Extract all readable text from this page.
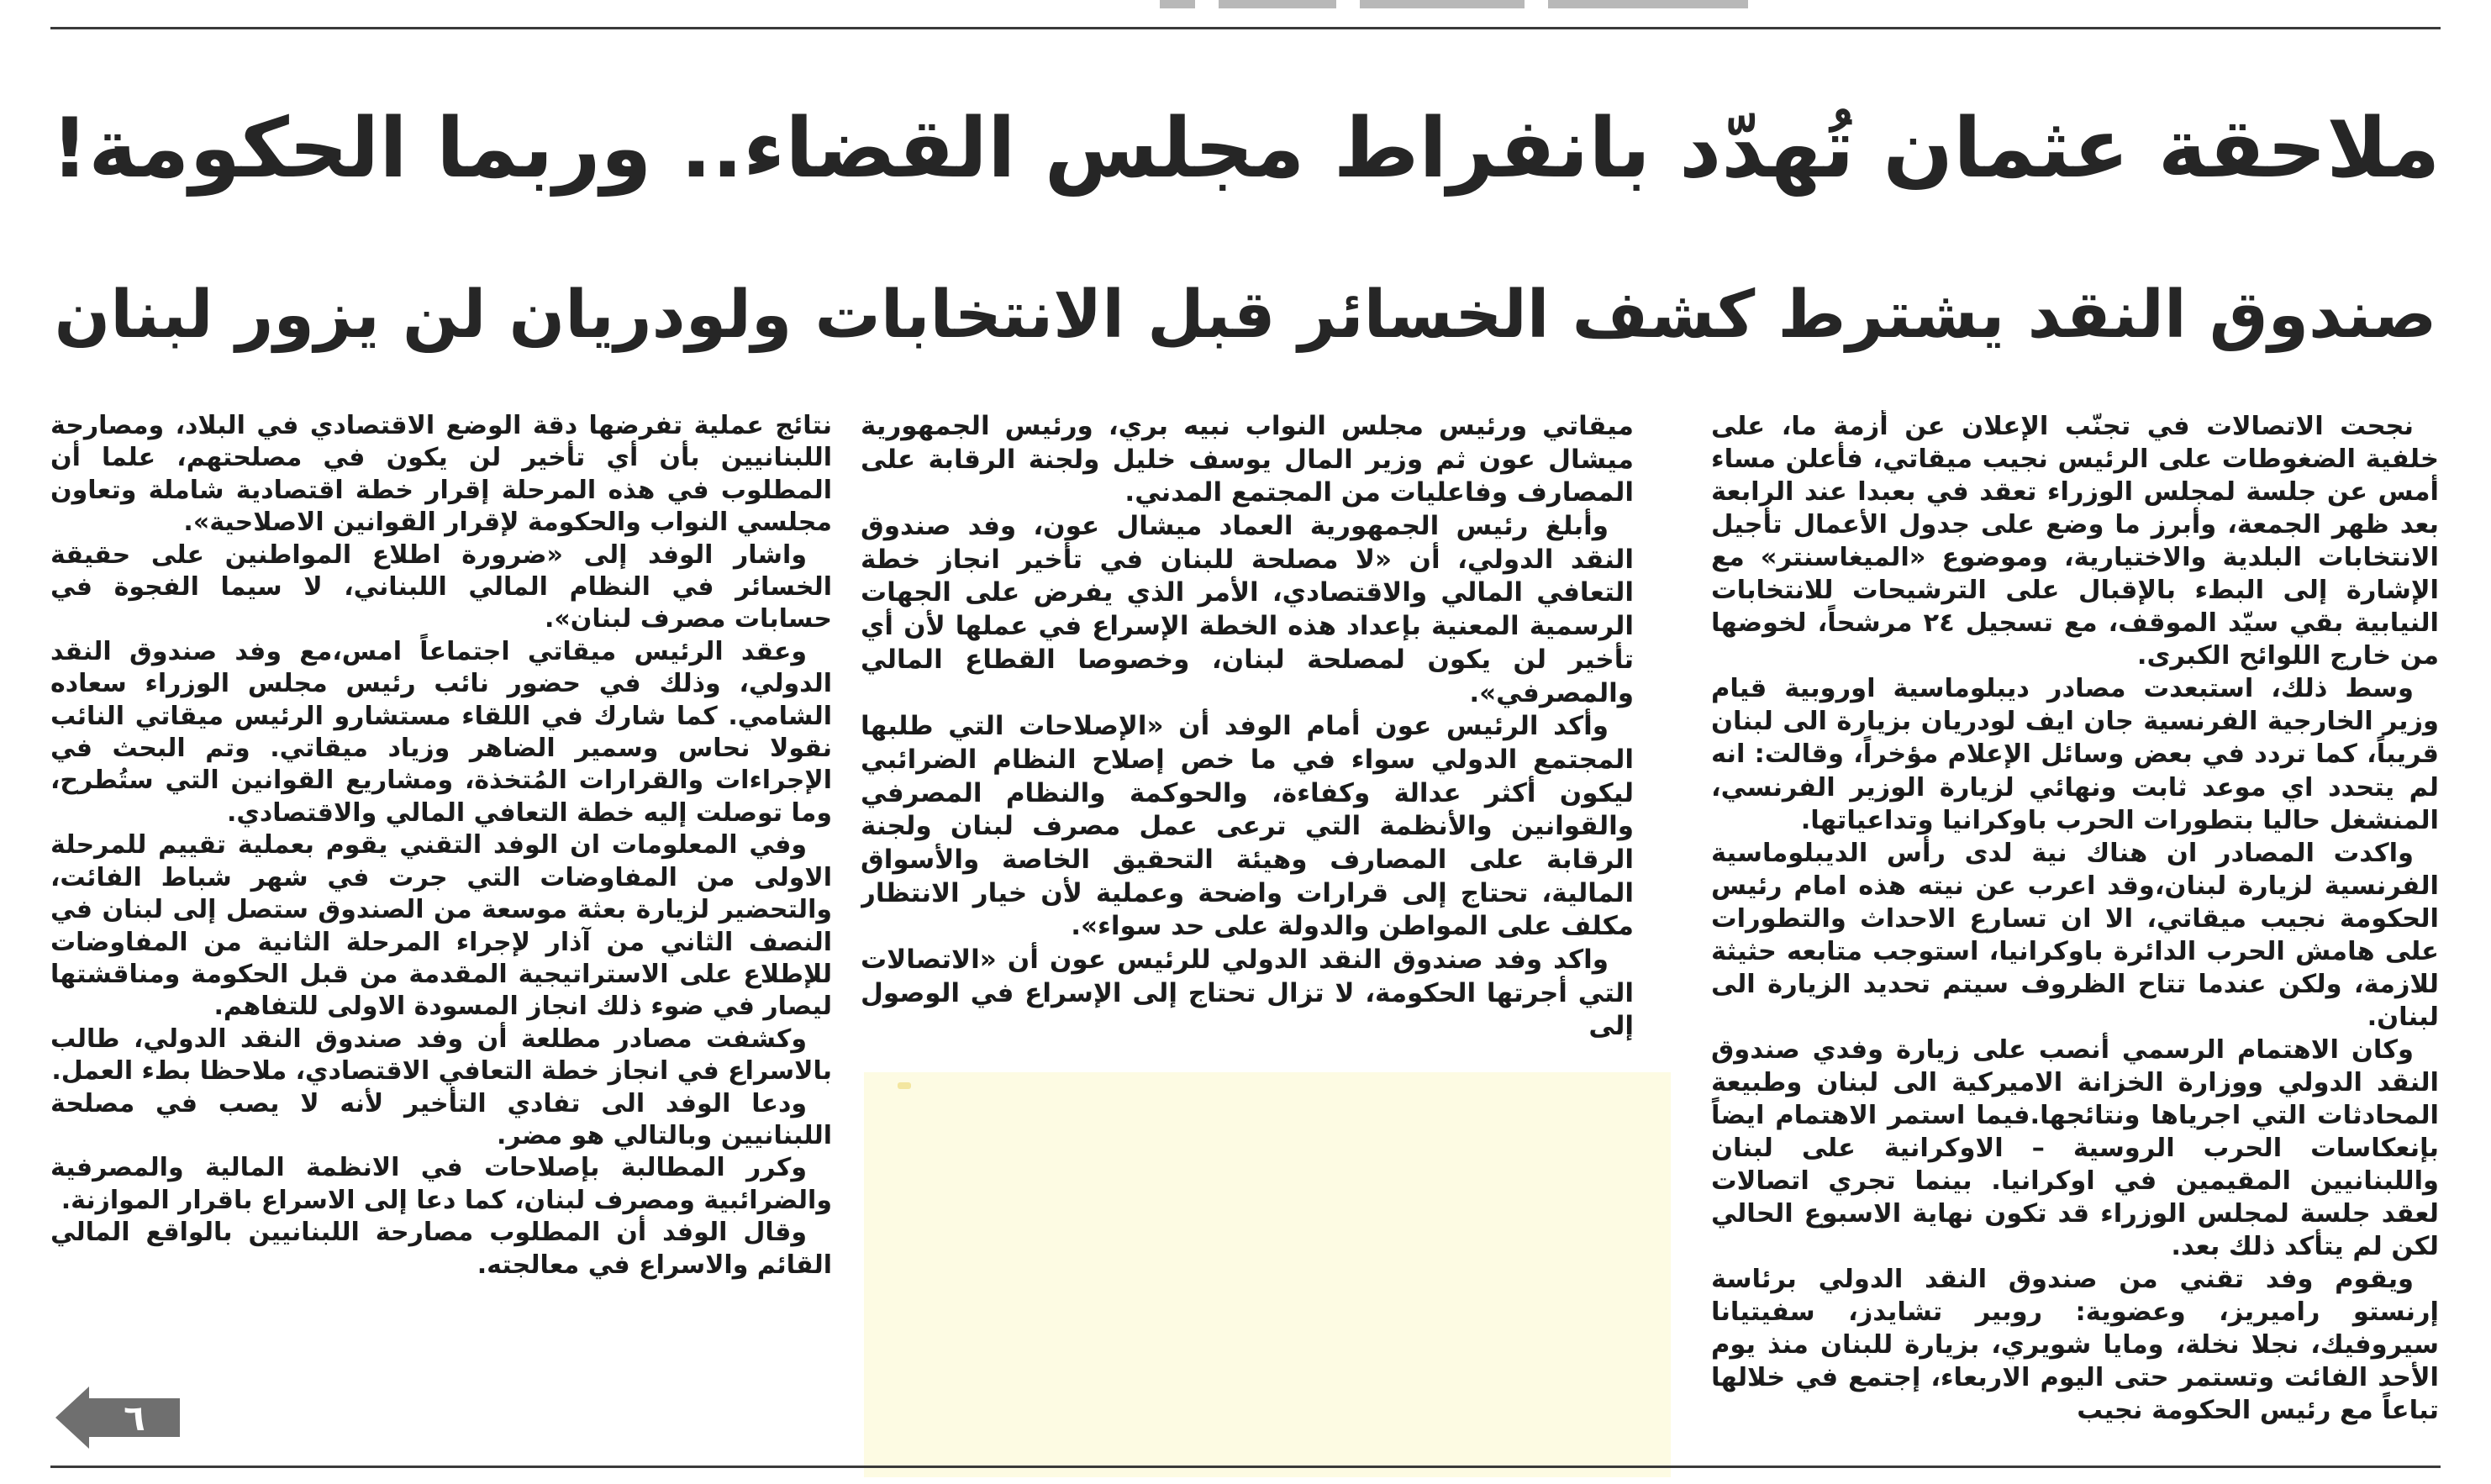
ملاحقة عثمان تُهدّد بانفراط مجلس القضاء.. وربما الحكومة!
صندوق النقد يشترط كشف الخسائر قبل الانتخابات ولودريان لن يزور لبنان

نجحت الاتصالات في تجنّب الإعلان عن أزمة ما، على خلفية الضغوطات على الرئيس نجيب ميقاتي، فأعلن مساء أمس عن جلسة لمجلس الوزراء تعقد في بعبدا عند الرابعة بعد ظهر الجمعة، وأبرز ما وضع على جدول الأعمال تأجيل الانتخابات البلدية والاختيارية، وموضوع «الميغاسنتر» مع الإشارة إلى البطء بالإقبال على الترشيحات للانتخابات النيابية بقي سيّد الموقف، مع تسجيل ٢٤ مرشحاً، لخوضها من خارج اللوائح الكبرى.

وسط ذلك، استبعدت مصادر ديبلوماسية اوروبية قيام وزير الخارجية الفرنسية جان ايف لودريان بزيارة الى لبنان قريباً، كما تردد في بعض وسائل الإعلام مؤخراً، وقالت: انه لم يتحدد اي موعد ثابت ونهائي لزيارة الوزير الفرنسي، المنشغل حاليا بتطورات الحرب باوكرانيا وتداعياتها.

واكدت المصادر ان هناك نية لدى رأس الديبلوماسية الفرنسية لزيارة لبنان،وقد اعرب عن نيته هذه امام رئيس الحكومة نجيب ميقاتي، الا ان تسارع الاحداث والتطورات على هامش الحرب الدائرة باوكرانيا، استوجب متابعه حثيثة للازمة، ولكن عندما تتاح الظروف سيتم تحديد الزيارة الى لبنان.

وكان الاهتمام الرسمي أنصب على زيارة وفدي صندوق النقد الدولي ووزارة الخزانة الاميركية الى لبنان وطبيعة المحادثات التي اجرياها ونتائجها.فيما استمر الاهتمام ايضاً بإنعكاسات الحرب الروسية – الاوكرانية على لبنان واللبنانيين المقيمين في اوكرانيا. بينما تجري اتصالات لعقد جلسة لمجلس الوزراء قد تكون نهاية الاسبوع الحالي لكن لم يتأكد ذلك بعد.

ويقوم وفد تقني من صندوق النقد الدولي برئاسة إرنستو راميريز، وعضوية: روبير تشايدز، سفيتيانا سيروفيك، نجلا نخلة، ومايا شويري، بزيارة للبنان منذ يوم الأحد الفائت وتستمر حتى اليوم الاربعاء، إجتمع في خلالها تباعاً مع رئيس الحكومة نجيب

ميقاتي ورئيس مجلس النواب نبيه بري، ورئيس الجمهورية ميشال عون ثم وزير المال يوسف خليل ولجنة الرقابة على المصارف وفاعليات من المجتمع المدني.

وأبلغ رئيس الجمهورية العماد ميشال عون، وفد صندوق النقد الدولي، أن «لا مصلحة للبنان في تأخير انجاز خطة التعافي المالي والاقتصادي، الأمر الذي يفرض على الجهات الرسمية المعنية بإعداد هذه الخطة الإسراع في عملها لأن أي تأخير لن يكون لمصلحة لبنان، وخصوصا القطاع المالي والمصرفي».

وأكد الرئيس عون أمام الوفد أن «الإصلاحات التي طلبها المجتمع الدولي سواء في ما خص إصلاح النظام الضرائبي ليكون أكثر عدالة وكفاءة، والحوكمة والنظام المصرفي والقوانين والأنظمة التي ترعى عمل مصرف لبنان ولجنة الرقابة على المصارف وهيئة التحقيق الخاصة والأسواق المالية، تحتاج إلى قرارات واضحة وعملية لأن خيار الانتظار مكلف على المواطن والدولة على حد سواء».

واكد وفد صندوق النقد الدولي للرئيس عون أن «الاتصالات التي أجرتها الحكومة، لا تزال تحتاج إلى الإسراع في الوصول إلى

نتائج عملية تفرضها دقة الوضع الاقتصادي في البلاد، ومصارحة اللبنانيين بأن أي تأخير لن يكون في مصلحتهم، علما أن المطلوب في هذه المرحلة إقرار خطة اقتصادية شاملة وتعاون مجلسي النواب والحكومة لإقرار القوانين الاصلاحية».

واشار الوفد إلى «ضرورة اطلاع المواطنين على حقيقة الخسائر في النظام المالي اللبناني، لا سيما الفجوة في حسابات مصرف لبنان».

وعقد الرئيس ميقاتي اجتماعاً امس،مع وفد صندوق النقد الدولي، وذلك في حضور نائب رئيس مجلس الوزراء سعاده الشامي. كما شارك في اللقاء مستشارو الرئيس ميقاتي النائب نقولا نحاس وسمير الضاهر وزياد ميقاتي. وتم البحث في الإجراءات والقرارات المُتخذة، ومشاريع القوانين التي ستُطرح، وما توصلت إليه خطة التعافي المالي والاقتصادي.

وفي المعلومات ان الوفد التقني يقوم بعملية تقييم للمرحلة الاولى من المفاوضات التي جرت في شهر شباط الفائت، والتحضير لزيارة بعثة موسعة من الصندوق ستصل إلى لبنان في النصف الثاني من آذار لإجراء المرحلة الثانية من المفاوضات للإطلاع على الاستراتيجية المقدمة من قبل الحكومة ومناقشتها ليصار في ضوء ذلك انجاز المسودة الاولى للتفاهم.

وكشفت مصادر مطلعة أن وفد صندوق النقد الدولي، طالب بالاسراع في انجاز خطة التعافي الاقتصادي، ملاحظا بطء العمل.

ودعا الوفد الى تفادي التأخير لأنه لا يصب في مصلحة اللبنانيين وبالتالي هو مضر.

وكرر المطالبة بإصلاحات في الانظمة المالية والمصرفية والضرائبية ومصرف لبنان، كما دعا إلى الاسراع باقرار الموازنة.

وقال الوفد أن المطلوب مصارحة اللبنانيين بالواقع المالي القائم والاسراع في معالجته.

٦
